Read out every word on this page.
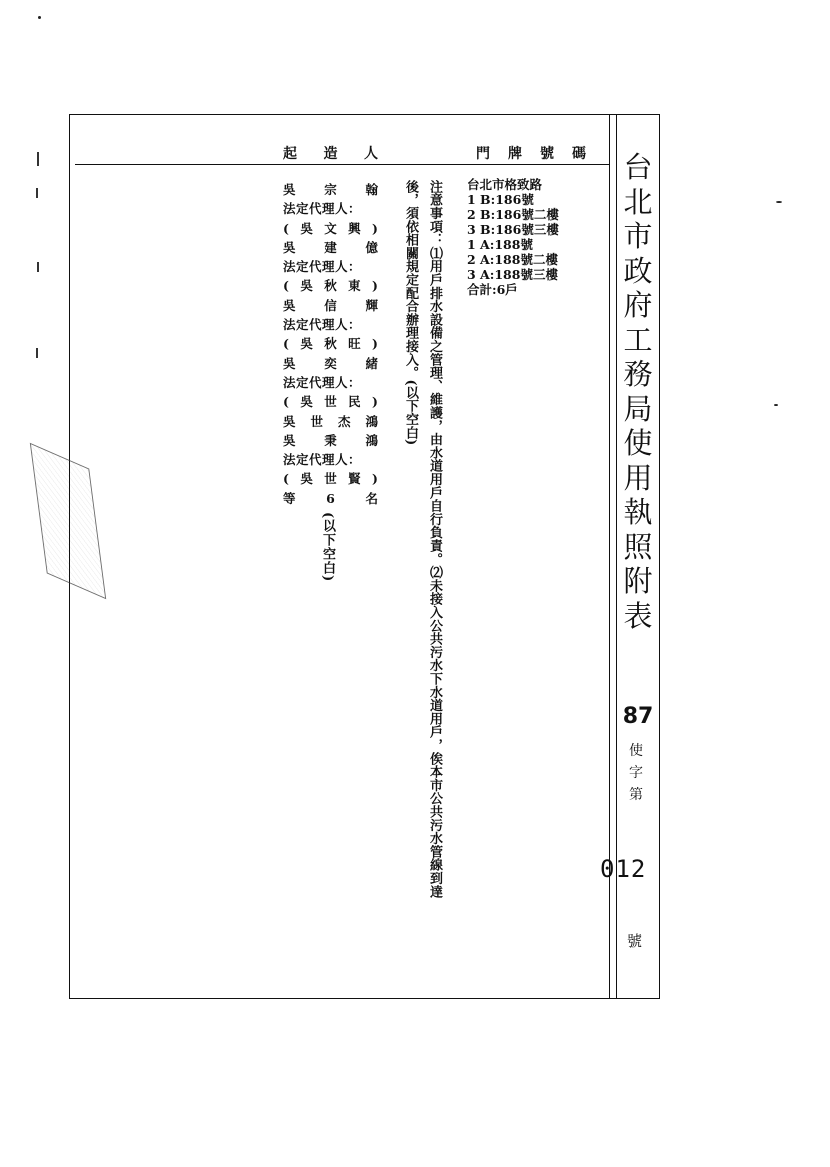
起 造 人	門 牌 號 碼 台
北
市
政
府
工
務
局
使
用
執
照
附
表
87
使
字
第
012
號
吳 宗 翰
法定代理人：
( 吳 文 興 )
吳 建 億
法定代理人：
( 吳 秋 東 )
吳 信 輝
法定代理人：
( 吳 秋 旺 )
吳 奕 緒
法定代理人：
( 吳 世 民 )
吳 世 杰 鴻
吳 秉 鴻
法定代理人：
( 吳 世 賢 )
等 6 名
(以下空白)
台北市格致路
1 B:186號
2 B:186號二樓
3 B:186號三樓
1 A:188號
2 A:188號二樓
3 A:188號三樓
合計:6戶

注意事項：⑴用戶排水設備之管理、維護，由水道用戶自行負責。⑵未接入公共污水下水道用戶，俟本市公共污水管線到達

後，須依相關規定配合辦理接入。(以下空白)
